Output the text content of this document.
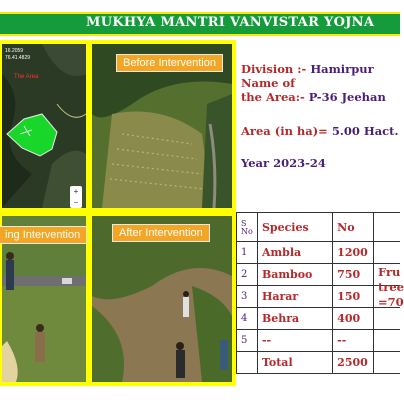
MUKHYA MANTRI VANVISTAR YOJNA
16.2059
76.41.4829
The Area
+
−
Before Intervention
ing Intervention	After Intervention
Division :- Hamirpur
Name of
the Area:- P-36 Jeehan
Area (in ha)= 5.00 Hact.
Year 2023-24
S
No	Species	No	
1	Ambla	1200	
2	Bamboo	750	
3	Harar	150	
4	Behra	400	
5	--	--	
	Total	2500	
Fru
tree
=70
